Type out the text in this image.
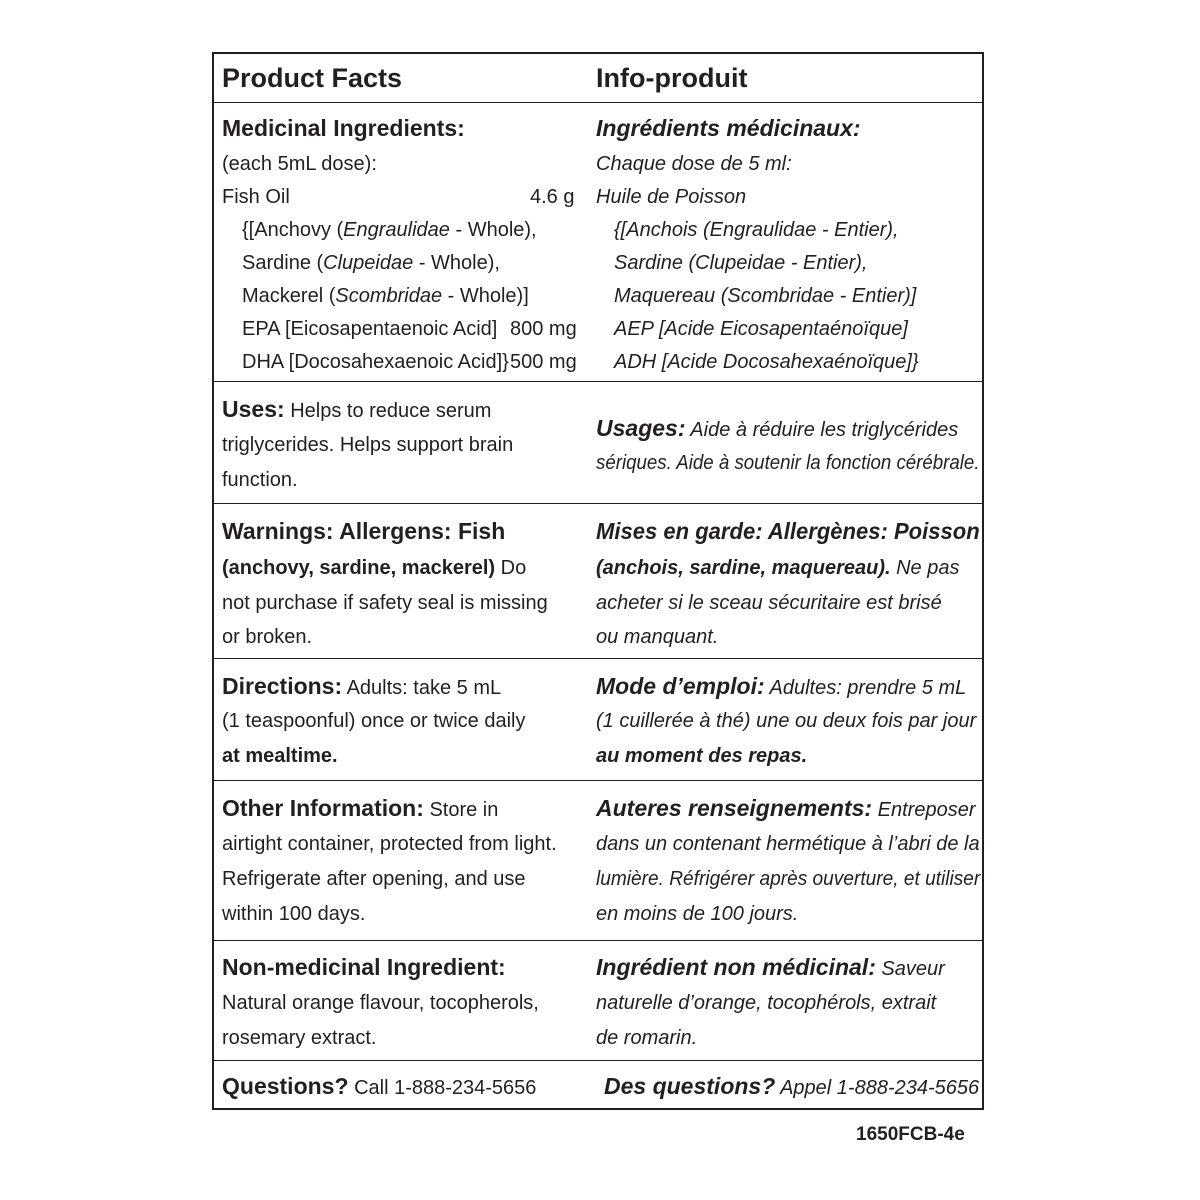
Product Facts	Info-produit
Medicinal Ingredients:
(each 5mL dose):
Fish Oil	4.6 g
{[Anchovy (Engraulidae - Whole),
Sardine (Clupeidae - Whole),
Mackerel (Scombridae - Whole)]
EPA [Eicosapentaenoic Acid] 800 mg
DHA [Docosahexaenoic Acid]} 500 mg
Ingrédients médicinaux:
Chaque dose de 5 ml:
Huile de Poisson
{[Anchois (Engraulidae - Entier),
Sardine (Clupeidae - Entier),
Maquereau (Scombridae - Entier)]
AEP [Acide Eicosapentaénoïque]
ADH [Acide Docosahexaénoïque]}
Uses: Helps to reduce serum
triglycerides. Helps support brain
function.
Usages: Aide à réduire les triglycérides
sériques. Aide à soutenir la fonction cérébrale.
Warnings: Allergens: Fish
(anchovy, sardine, mackerel) Do
not purchase if safety seal is missing
or broken.
Mises en garde: Allergènes: Poisson
(anchois, sardine, maquereau). Ne pas
acheter si le sceau sécuritaire est brisé
ou manquant.
Directions: Adults: take 5 mL
(1 teaspoonful) once or twice daily
at mealtime.
Mode d’emploi: Adultes: prendre 5 mL
(1 cuillerée à thé) une ou deux fois par jour
au moment des repas.
Other Information: Store in
airtight container, protected from light.
Refrigerate after opening, and use
within 100 days.
Auteres renseignements: Entreposer
dans un contenant hermétique à l’abri de la
lumière. Réfrigérer après ouverture, et utiliser
en moins de 100 jours.
Non-medicinal Ingredient:
Natural orange flavour, tocopherols,
rosemary extract.
Ingrédient non médicinal: Saveur
naturelle d’orange, tocophérols, extrait
de romarin.
Questions? Call 1-888-234-5656	Des questions? Appel 1-888-234-5656
1650FCB-4e
